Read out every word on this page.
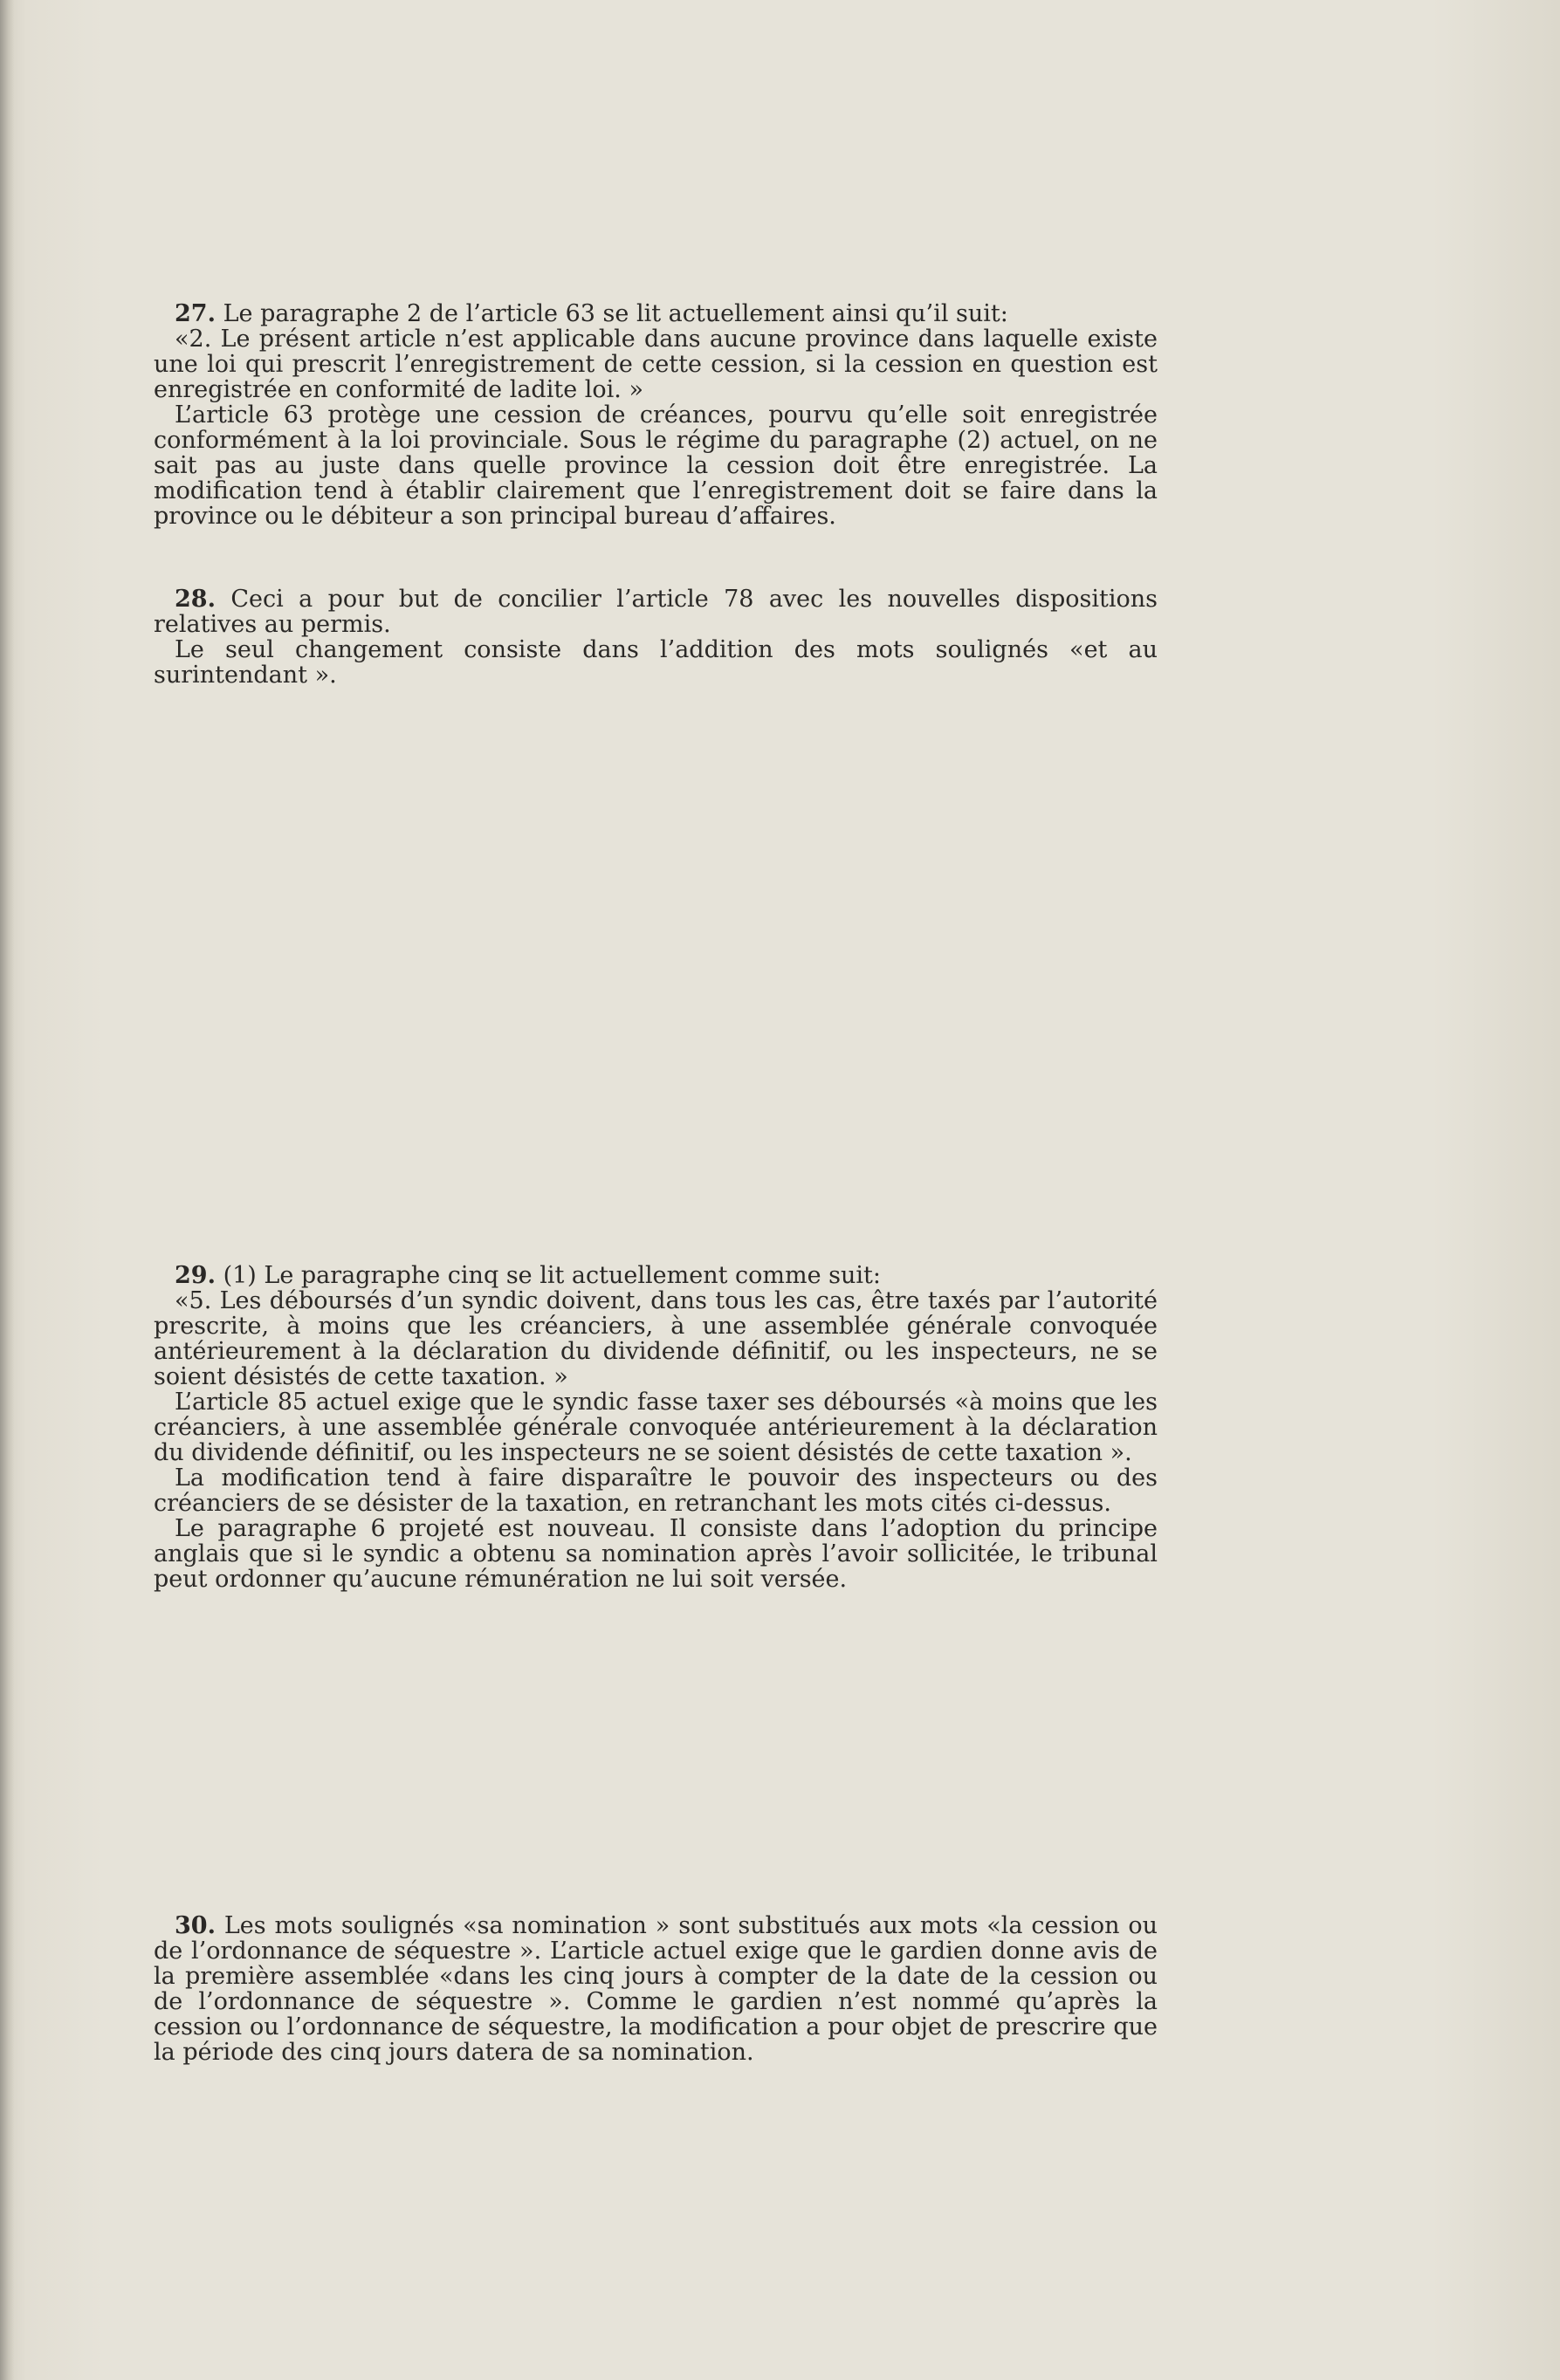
27. Le paragraphe 2 de l’article 63 se lit actuellement ainsi qu’il suit:

«2. Le présent article n’est applicable dans aucune province dans laquelle existe une loi qui prescrit l’enregistrement de cette cession, si la cession en question est enregistrée en conformité de ladite loi. »

L’article 63 protège une cession de créances, pourvu qu’elle soit enregistrée conformément à la loi provinciale. Sous le régime du paragraphe (2) actuel, on ne sait pas au juste dans quelle province la cession doit être enregistrée. La modification tend à établir clairement que l’enregistrement doit se faire dans la province ou le débiteur a son principal bureau d’affaires.

28. Ceci a pour but de concilier l’article 78 avec les nouvelles dispositions relatives au permis.

Le seul changement consiste dans l’addition des mots soulignés «et au surintendant ».

29. (1) Le paragraphe cinq se lit actuellement comme suit:

«5. Les déboursés d’un syndic doivent, dans tous les cas, être taxés par l’autorité prescrite, à moins que les créanciers, à une assemblée générale convoquée antérieurement à la déclaration du dividende définitif, ou les inspecteurs, ne se soient désistés de cette taxation. »

L’article 85 actuel exige que le syndic fasse taxer ses déboursés «à moins que les créanciers, à une assemblée générale convoquée antérieurement à la déclaration du dividende définitif, ou les inspecteurs ne se soient désistés de cette taxation ».

La modification tend à faire disparaître le pouvoir des inspecteurs ou des créanciers de se désister de la taxation, en retranchant les mots cités ci-dessus.

Le paragraphe 6 projeté est nouveau. Il consiste dans l’adoption du principe anglais que si le syndic a obtenu sa nomination après l’avoir sollicitée, le tribunal peut ordonner qu’aucune rémunération ne lui soit versée.

30. Les mots soulignés «sa nomination » sont substitués aux mots «la cession ou de l’ordonnance de séquestre ». L’article actuel exige que le gardien donne avis de la première assemblée «dans les cinq jours à compter de la date de la cession ou de l’ordonnance de séquestre ». Comme le gardien n’est nommé qu’après la cession ou l’ordonnance de séquestre, la modification a pour objet de prescrire que la période des cinq jours datera de sa nomination.
